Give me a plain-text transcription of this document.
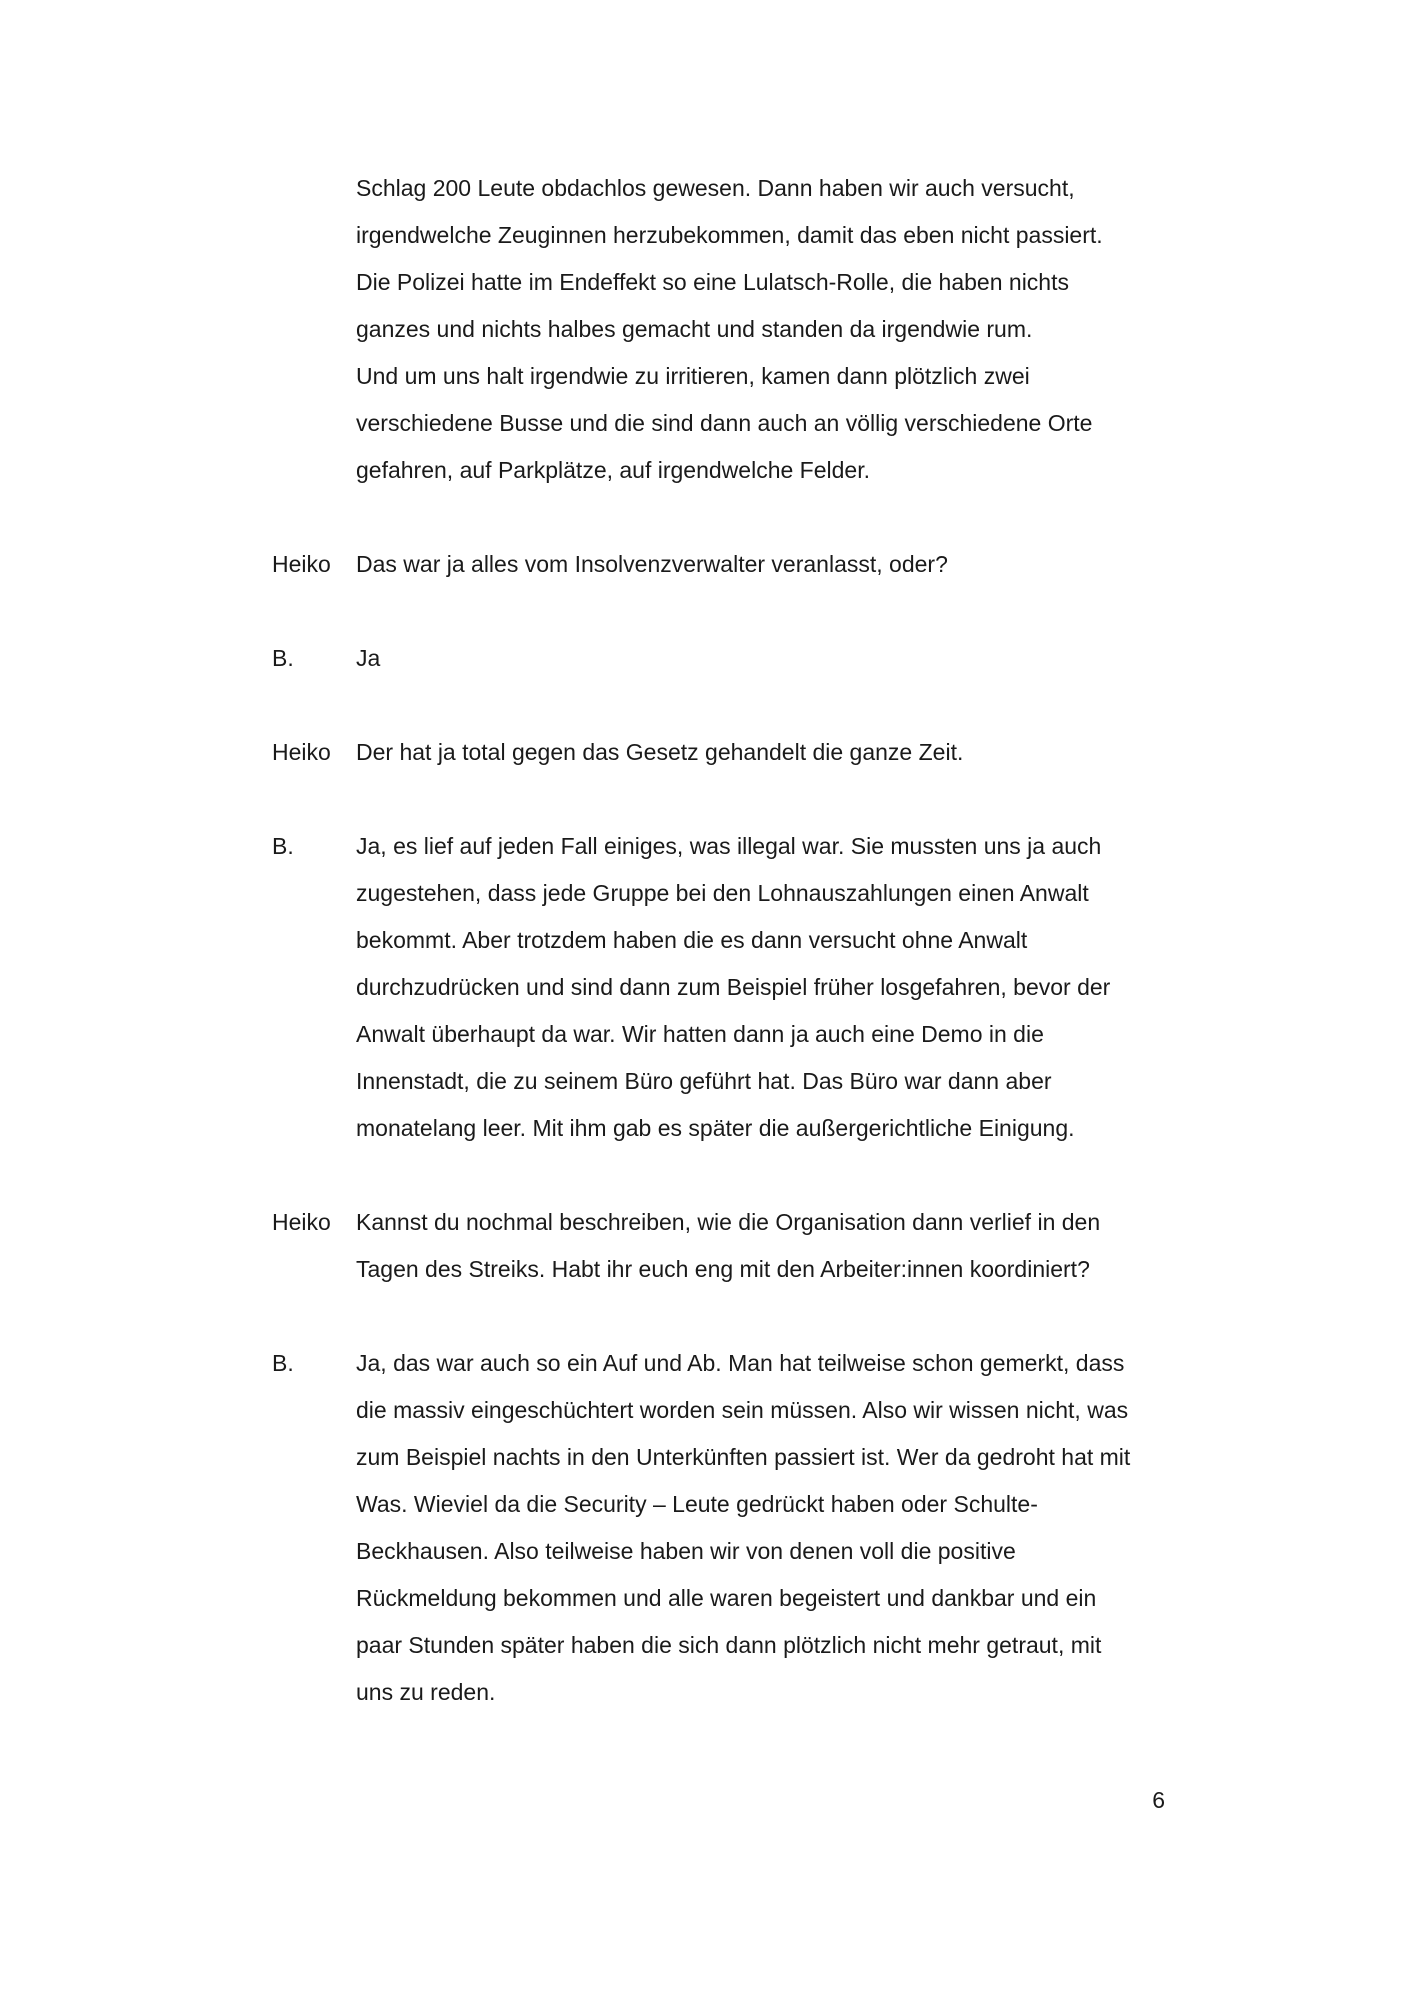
Schlag 200 Leute obdachlos gewesen. Dann haben wir auch versucht,
irgendwelche Zeuginnen herzubekommen, damit das eben nicht passiert.
Die Polizei hatte im Endeffekt so eine Lulatsch-Rolle, die haben nichts
ganzes und nichts halbes gemacht und standen da irgendwie rum.
Und um uns halt irgendwie zu irritieren, kamen dann plötzlich zwei
verschiedene Busse und die sind dann auch an völlig verschiedene Orte
gefahren, auf Parkplätze, auf irgendwelche Felder.
Heiko	Das war ja alles vom Insolvenzverwalter veranlasst, oder?
B.	Ja
Heiko	Der hat ja total gegen das Gesetz gehandelt die ganze Zeit.
B.	Ja, es lief auf jeden Fall einiges, was illegal war. Sie mussten uns ja auch
zugestehen, dass jede Gruppe bei den Lohnauszahlungen einen Anwalt
bekommt. Aber trotzdem haben die es dann versucht ohne Anwalt
durchzudrücken und sind dann zum Beispiel früher losgefahren, bevor der
Anwalt überhaupt da war. Wir hatten dann ja auch eine Demo in die
Innenstadt, die zu seinem Büro geführt hat. Das Büro war dann aber
monatelang leer. Mit ihm gab es später die außergerichtliche Einigung.
Heiko	Kannst du nochmal beschreiben, wie die Organisation dann verlief in den
Tagen des Streiks. Habt ihr euch eng mit den Arbeiter:innen koordiniert?
B.	Ja, das war auch so ein Auf und Ab. Man hat teilweise schon gemerkt, dass
die massiv eingeschüchtert worden sein müssen. Also wir wissen nicht, was
zum Beispiel nachts in den Unterkünften passiert ist. Wer da gedroht hat mit
Was. Wieviel da die Security – Leute gedrückt haben oder Schulte-
Beckhausen. Also teilweise haben wir von denen voll die positive
Rückmeldung bekommen und alle waren begeistert und dankbar und ein
paar Stunden später haben die sich dann plötzlich nicht mehr getraut, mit
uns zu reden.
6
